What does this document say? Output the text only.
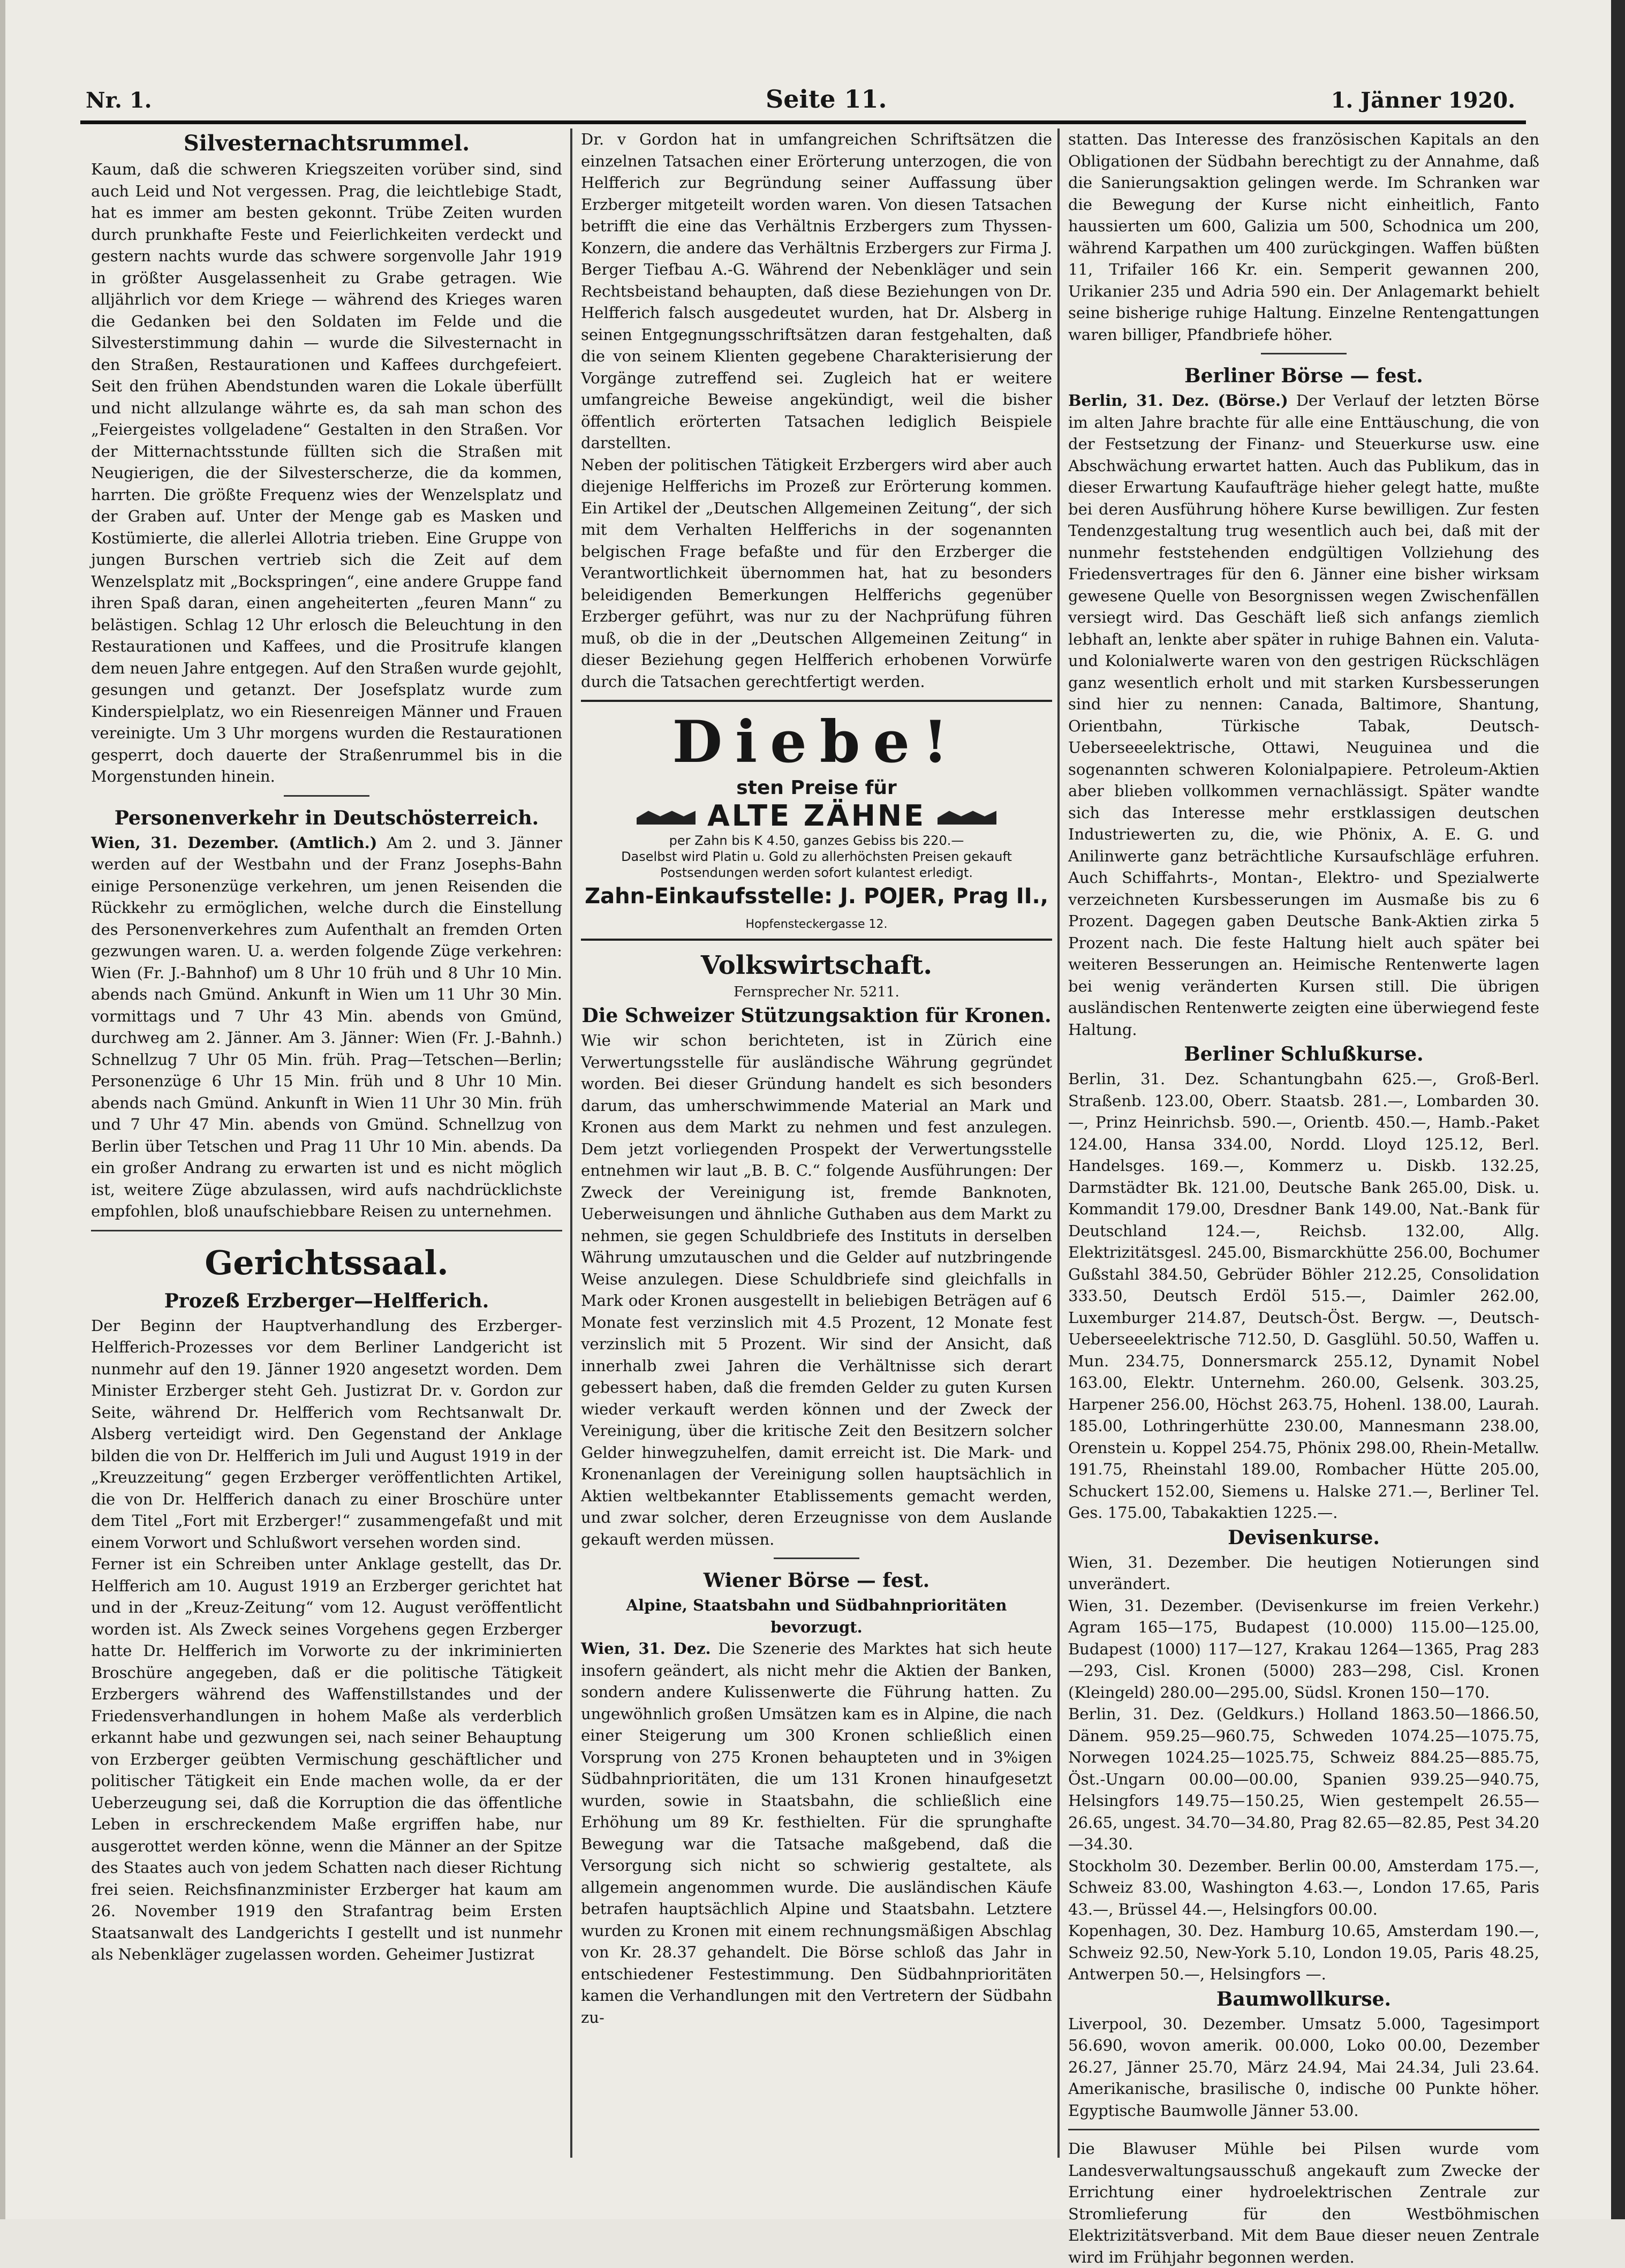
Nr. 1.	Seite 11.	1. Jänner 1920.
Silvesternachtsrummel.

Kaum, daß die schweren Kriegszeiten vorüber sind, sind auch Leid und Not vergessen. Prag, die leichtlebige Stadt, hat es immer am besten gekonnt. Trübe Zeiten wurden durch prunkhafte Feste und Feierlichkeiten verdeckt und gestern nachts wurde das schwere sorgenvolle Jahr 1919 in größter Ausgelassenheit zu Grabe getragen. Wie alljährlich vor dem Kriege — während des Krieges waren die Gedanken bei den Soldaten im Felde und die Silvesterstimmung dahin — wurde die Silvesternacht in den Straßen, Restaurationen und Kaffees durchgefeiert. Seit den frühen Abendstunden waren die Lokale überfüllt und nicht allzulange währte es, da sah man schon des „Feiergeistes vollgeladene“ Gestalten in den Straßen. Vor der Mitternachtsstunde füllten sich die Straßen mit Neugierigen, die der Silvesterscherze, die da kommen, harrten. Die größte Frequenz wies der Wenzelsplatz und der Graben auf. Unter der Menge gab es Masken und Kostümierte, die allerlei Allotria trieben. Eine Gruppe von jungen Burschen vertrieb sich die Zeit auf dem Wenzelsplatz mit „Bockspringen“, eine andere Gruppe fand ihren Spaß daran, einen angeheiterten „feuren Mann“ zu belästigen. Schlag 12 Uhr erlosch die Beleuchtung in den Restaurationen und Kaffees, und die Prositrufe klangen dem neuen Jahre entgegen. Auf den Straßen wurde gejohlt, gesungen und getanzt. Der Josefsplatz wurde zum Kinderspielplatz, wo ein Riesenreigen Männer und Frauen vereinigte. Um 3 Uhr morgens wurden die Restaurationen gesperrt, doch dauerte der Straßenrummel bis in die Morgenstunden hinein.

Personenverkehr in Deutschösterreich.

Wien, 31. Dezember. (Amtlich.) Am 2. und 3. Jänner werden auf der Westbahn und der Franz Josephs-Bahn einige Personenzüge verkehren, um jenen Reisenden die Rückkehr zu ermöglichen, welche durch die Einstellung des Personenverkehres zum Aufenthalt an fremden Orten gezwungen waren. U. a. werden folgende Züge verkehren: Wien (Fr. J.-Bahnhof) um 8 Uhr 10 früh und 8 Uhr 10 Min. abends nach Gmünd. Ankunft in Wien um 11 Uhr 30 Min. vormittags und 7 Uhr 43 Min. abends von Gmünd, durchweg am 2. Jänner. Am 3. Jänner: Wien (Fr. J.-Bahnh.) Schnellzug 7 Uhr 05 Min. früh. Prag—Tetschen—Berlin; Personenzüge 6 Uhr 15 Min. früh und 8 Uhr 10 Min. abends nach Gmünd. Ankunft in Wien 11 Uhr 30 Min. früh und 7 Uhr 47 Min. abends von Gmünd. Schnellzug von Berlin über Tetschen und Prag 11 Uhr 10 Min. abends. Da ein großer Andrang zu erwarten ist und es nicht möglich ist, weitere Züge abzulassen, wird aufs nachdrücklichste empfohlen, bloß unaufschiebbare Reisen zu unternehmen.

Gerichtssaal.
Prozeß Erzberger—Helfferich.

Der Beginn der Hauptverhandlung des Erzberger-Helfferich-Prozesses vor dem Berliner Landgericht ist nunmehr auf den 19. Jänner 1920 angesetzt worden. Dem Minister Erzberger steht Geh. Justizrat Dr. v. Gordon zur Seite, während Dr. Helfferich vom Rechtsanwalt Dr. Alsberg verteidigt wird. Den Gegenstand der Anklage bilden die von Dr. Helfferich im Juli und August 1919 in der „Kreuzzeitung“ gegen Erzberger veröffentlichten Artikel, die von Dr. Helfferich danach zu einer Broschüre unter dem Titel „Fort mit Erzberger!“ zusammengefaßt und mit einem Vorwort und Schlußwort versehen worden sind.

Ferner ist ein Schreiben unter Anklage gestellt, das Dr. Helfferich am 10. August 1919 an Erzberger gerichtet hat und in der „Kreuz-Zeitung“ vom 12. August veröffentlicht worden ist. Als Zweck seines Vorgehens gegen Erzberger hatte Dr. Helfferich im Vorworte zu der inkriminierten Broschüre angegeben, daß er die politische Tätigkeit Erzbergers während des Waffenstillstandes und der Friedensverhandlungen in hohem Maße als verderblich erkannt habe und gezwungen sei, nach seiner Behauptung von Erzberger geübten Vermischung geschäftlicher und politischer Tätigkeit ein Ende machen wolle, da er der Ueberzeugung sei, daß die Korruption die das öffentliche Leben in erschreckendem Maße ergriffen habe, nur ausgerottet werden könne, wenn die Männer an der Spitze des Staates auch von jedem Schatten nach dieser Richtung frei seien. Reichsfinanzminister Erzberger hat kaum am 26. November 1919 den Strafantrag beim Ersten Staatsanwalt des Landgerichts I gestellt und ist nunmehr als Nebenkläger zugelassen worden. Geheimer Justizrat

Dr. v Gordon hat in umfangreichen Schriftsätzen die einzelnen Tatsachen einer Erörterung unterzogen, die von Helfferich zur Begründung seiner Auffassung über Erzberger mitgeteilt worden waren. Von diesen Tatsachen betrifft die eine das Verhältnis Erzbergers zum Thyssen-Konzern, die andere das Verhältnis Erzbergers zur Firma J. Berger Tiefbau A.-G. Während der Nebenkläger und sein Rechtsbeistand behaupten, daß diese Beziehungen von Dr. Helfferich falsch ausgedeutet wurden, hat Dr. Alsberg in seinen Entgegnungsschriftsätzen daran festgehalten, daß die von seinem Klienten gegebene Charakterisierung der Vorgänge zutreffend sei. Zugleich hat er weitere umfangreiche Beweise angekündigt, weil die bisher öffentlich erörterten Tatsachen lediglich Beispiele darstellten.

Neben der politischen Tätigkeit Erzbergers wird aber auch diejenige Helfferichs im Prozeß zur Erörterung kommen. Ein Artikel der „Deutschen Allgemeinen Zeitung“, der sich mit dem Verhalten Helfferichs in der sogenannten belgischen Frage befaßte und für den Erzberger die Verantwortlichkeit übernommen hat, hat zu besonders beleidigenden Bemerkungen Helfferichs gegenüber Erzberger geführt, was nur zu der Nachprüfung führen muß, ob die in der „Deutschen Allgemeinen Zeitung“ in dieser Beziehung gegen Helfferich erhobenen Vorwürfe durch die Tatsachen gerechtfertigt werden.

Diebe!
sten Preise für
ALTE ZÄHNE
per Zahn bis K 4.50, ganzes Gebiss bis 220.—
Daselbst wird Platin u. Gold zu allerhöchsten Preisen gekauft
Postsendungen werden sofort kulantest erledigt.
Zahn-Einkaufsstelle: J. POJER, Prag II., Hopfensteckergasse 12.
Volkswirtschaft.

Fernsprecher Nr. 5211.

Die Schweizer Stützungsaktion für Kronen.

Wie wir schon berichteten, ist in Zürich eine Verwertungsstelle für ausländische Währung gegründet worden. Bei dieser Gründung handelt es sich besonders darum, das umherschwimmende Material an Mark und Kronen aus dem Markt zu nehmen und fest anzulegen. Dem jetzt vorliegenden Prospekt der Verwertungsstelle entnehmen wir laut „B. B. C.“ folgende Ausführungen: Der Zweck der Vereinigung ist, fremde Banknoten, Ueberweisungen und ähnliche Guthaben aus dem Markt zu nehmen, sie gegen Schuldbriefe des Instituts in derselben Währung umzutauschen und die Gelder auf nutzbringende Weise anzulegen. Diese Schuldbriefe sind gleichfalls in Mark oder Kronen ausgestellt in beliebigen Beträgen auf 6 Monate fest verzinslich mit 4.5 Prozent, 12 Monate fest verzinslich mit 5 Prozent. Wir sind der Ansicht, daß innerhalb zwei Jahren die Verhältnisse sich derart gebessert haben, daß die fremden Gelder zu guten Kursen wieder verkauft werden können und der Zweck der Vereinigung, über die kritische Zeit den Besitzern solcher Gelder hinwegzuhelfen, damit erreicht ist. Die Mark- und Kronenanlagen der Vereinigung sollen hauptsächlich in Aktien weltbekannter Etablissements gemacht werden, und zwar solcher, deren Erzeugnisse von dem Auslande gekauft werden müssen.

Wiener Börse — fest.

Alpine, Staatsbahn und Südbahnprioritäten bevorzugt.

Wien, 31. Dez. Die Szenerie des Marktes hat sich heute insofern geändert, als nicht mehr die Aktien der Banken, sondern andere Kulissenwerte die Führung hatten. Zu ungewöhnlich großen Umsätzen kam es in Alpine, die nach einer Steigerung um 300 Kronen schließlich einen Vorsprung von 275 Kronen behaupteten und in 3%igen Südbahnprioritäten, die um 131 Kronen hinaufgesetzt wurden, sowie in Staatsbahn, die schließlich eine Erhöhung um 89 Kr. festhielten. Für die sprunghafte Bewegung war die Tatsache maßgebend, daß die Versorgung sich nicht so schwierig gestaltete, als allgemein angenommen wurde. Die ausländischen Käufe betrafen hauptsächlich Alpine und Staatsbahn. Letztere wurden zu Kronen mit einem rechnungsmäßigen Abschlag von Kr. 28.37 gehandelt. Die Börse schloß das Jahr in entschiedener Festestimmung. Den Südbahnprioritäten kamen die Verhandlungen mit den Vertretern der Südbahn zu-

statten. Das Interesse des französischen Kapitals an den Obligationen der Südbahn berechtigt zu der Annahme, daß die Sanierungsaktion gelingen werde. Im Schranken war die Bewegung der Kurse nicht einheitlich, Fanto haussierten um 600, Galizia um 500, Schodnica um 200, während Karpathen um 400 zurückgingen. Waffen büßten 11, Trifailer 166 Kr. ein. Semperit gewannen 200, Urikanier 235 und Adria 590 ein. Der Anlagemarkt behielt seine bisherige ruhige Haltung. Einzelne Rentengattungen waren billiger, Pfandbriefe höher.

Berliner Börse — fest.

Berlin, 31. Dez. (Börse.) Der Verlauf der letzten Börse im alten Jahre brachte für alle eine Enttäuschung, die von der Festsetzung der Finanz- und Steuerkurse usw. eine Abschwächung erwartet hatten. Auch das Publikum, das in dieser Erwartung Kaufaufträge hieher gelegt hatte, mußte bei deren Ausführung höhere Kurse bewilligen. Zur festen Tendenzgestaltung trug wesentlich auch bei, daß mit der nunmehr feststehenden endgültigen Vollziehung des Friedensvertrages für den 6. Jänner eine bisher wirksam gewesene Quelle von Besorgnissen wegen Zwischenfällen versiegt wird. Das Geschäft ließ sich anfangs ziemlich lebhaft an, lenkte aber später in ruhige Bahnen ein. Valuta- und Kolonialwerte waren von den gestrigen Rückschlägen ganz wesentlich erholt und mit starken Kursbesserungen sind hier zu nennen: Canada, Baltimore, Shantung, Orientbahn, Türkische Tabak, Deutsch-Ueberseeelektrische, Ottawi, Neuguinea und die sogenannten schweren Kolonialpapiere. Petroleum-Aktien aber blieben vollkommen vernachlässigt. Später wandte sich das Interesse mehr erstklassigen deutschen Industriewerten zu, die, wie Phönix, A. E. G. und Anilinwerte ganz beträchtliche Kursaufschläge erfuhren. Auch Schiffahrts-, Montan-, Elektro- und Spezialwerte verzeichneten Kursbesserungen im Ausmaße bis zu 6 Prozent. Dagegen gaben Deutsche Bank-Aktien zirka 5 Prozent nach. Die feste Haltung hielt auch später bei weiteren Besserungen an. Heimische Rentenwerte lagen bei wenig veränderten Kursen still. Die übrigen ausländischen Rentenwerte zeigten eine überwiegend feste Haltung.

Berliner Schlußkurse.

Berlin, 31. Dez. Schantungbahn 625.—, Groß-Berl. Straßenb. 123.00, Oberr. Staatsb. 281.—, Lombarden 30.—, Prinz Heinrichsb. 590.—, Orientb. 450.—, Hamb.-Paket 124.00, Hansa 334.00, Nordd. Lloyd 125.12, Berl. Handelsges. 169.—, Kommerz u. Diskb. 132.25, Darmstädter Bk. 121.00, Deutsche Bank 265.00, Disk. u. Kommandit 179.00, Dresdner Bank 149.00, Nat.-Bank für Deutschland 124.—, Reichsb. 132.00, Allg. Elektrizitätsgesl. 245.00, Bismarckhütte 256.00, Bochumer Gußstahl 384.50, Gebrüder Böhler 212.25, Consolidation 333.50, Deutsch Erdöl 515.—, Daimler 262.00, Luxemburger 214.87, Deutsch-Öst. Bergw. —, Deutsch-Ueberseeelektrische 712.50, D. Gasglühl. 50.50, Waffen u. Mun. 234.75, Donnersmarck 255.12, Dynamit Nobel 163.00, Elektr. Unternehm. 260.00, Gelsenk. 303.25, Harpener 256.00, Höchst 263.75, Hohenl. 138.00, Laurah. 185.00, Lothringerhütte 230.00, Mannesmann 238.00, Orenstein u. Koppel 254.75, Phönix 298.00, Rhein-Metallw. 191.75, Rheinstahl 189.00, Rombacher Hütte 205.00, Schuckert 152.00, Siemens u. Halske 271.—, Berliner Tel. Ges. 175.00, Tabakaktien 1225.—.

Devisenkurse.

Wien, 31. Dezember. Die heutigen Notierungen sind unverändert.

Wien, 31. Dezember. (Devisenkurse im freien Verkehr.) Agram 165—175, Budapest (10.000) 115.00—125.00, Budapest (1000) 117—127, Krakau 1264—1365, Prag 283—293, Cisl. Kronen (5000) 283—298, Cisl. Kronen (Kleingeld) 280.00—295.00, Südsl. Kronen 150—170.

Berlin, 31. Dez. (Geldkurs.) Holland 1863.50—1866.50, Dänem. 959.25—960.75, Schweden 1074.25—1075.75, Norwegen 1024.25—1025.75, Schweiz 884.25—885.75, Öst.-Ungarn 00.00—00.00, Spanien 939.25—940.75, Helsingfors 149.75—150.25, Wien gestempelt 26.55—26.65, ungest. 34.70—34.80, Prag 82.65—82.85, Pest 34.20—34.30.

Stockholm 30. Dezember. Berlin 00.00, Amsterdam 175.—, Schweiz 83.00, Washington 4.63.—, London 17.65, Paris 43.—, Brüssel 44.—, Helsingfors 00.00.

Kopenhagen, 30. Dez. Hamburg 10.65, Amsterdam 190.—, Schweiz 92.50, New-York 5.10, London 19.05, Paris 48.25, Antwerpen 50.—, Helsingfors —.

Baumwollkurse.

Liverpool, 30. Dezember. Umsatz 5.000, Tagesimport 56.690, wovon amerik. 00.000, Loko 00.00, Dezember 26.27, Jänner 25.70, März 24.94, Mai 24.34, Juli 23.64. Amerikanische, brasilische 0, indische 00 Punkte höher. Egyptische Baumwolle Jänner 53.00.

Die Blawuser Mühle bei Pilsen wurde vom Landesverwaltungsausschuß angekauft zum Zwecke der Errichtung einer hydroelektrischen Zentrale zur Stromlieferung für den Westböhmischen Elektrizitätsverband. Mit dem Baue dieser neuen Zentrale wird im Frühjahr begonnen werden.
